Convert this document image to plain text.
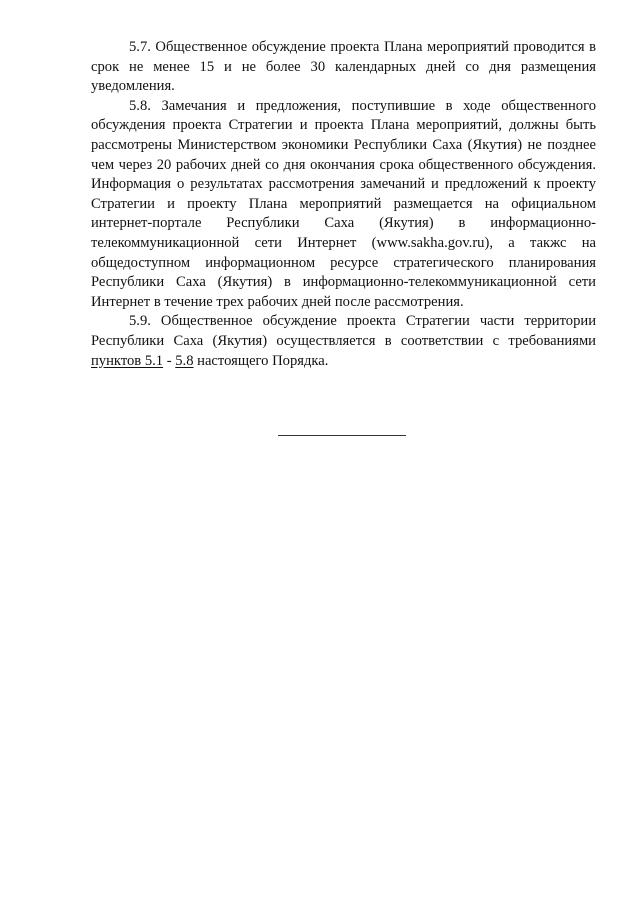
5.7. Общественное обсуждение проекта Плана мероприятий проводится в срок не менее 15 и не более 30 календарных дней со дня размещения уведомления.

5.8. Замечания и предложения, поступившие в ходе общественного обсуждения проекта Стратегии и проекта Плана мероприятий, должны быть рассмотрены Министерством экономики Республики Саха (Якутия) не позднее чем через 20 рабочих дней со дня окончания срока общественного обсуждения. Информация о результатах рассмотрения замечаний и предложений к проекту Стратегии и проекту Плана мероприятий размещается на официальном интернет-портале Республики Саха (Якутия) в информационно-телекоммуникационной сети Интернет (www.sakha.gov.ru), а такжс на общедоступном информационном ресурсе стратегического планирования Республики Саха (Якутия) в информационно-телекоммуникационной сети Интернет в течение трех рабочих дней после рассмотрения.

5.9. Общественное обсуждение проекта Стратегии части территории Республики Саха (Якутия) осуществляется в соответствии с требованиями пунктов 5.1 - 5.8 настоящего Порядка.
